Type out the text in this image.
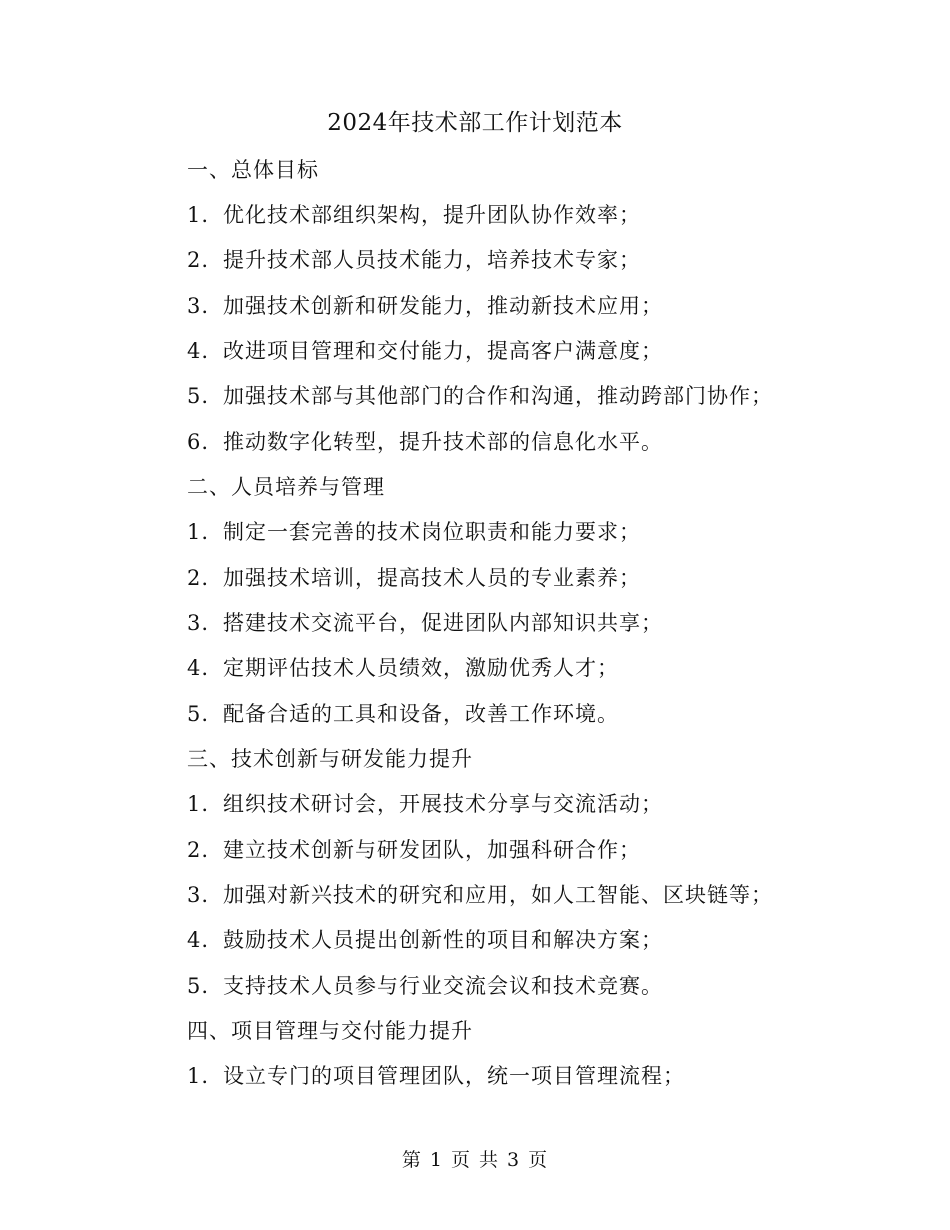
2024年技术部工作计划范本
一、总体目标
1. 优化技术部组织架构，提升团队协作效率；
2. 提升技术部人员技术能力，培养技术专家；
3. 加强技术创新和研发能力，推动新技术应用；
4. 改进项目管理和交付能力，提高客户满意度；
5. 加强技术部与其他部门的合作和沟通，推动跨部门协作；
6. 推动数字化转型，提升技术部的信息化水平。
二、人员培养与管理
1. 制定一套完善的技术岗位职责和能力要求；
2. 加强技术培训，提高技术人员的专业素养；
3. 搭建技术交流平台，促进团队内部知识共享；
4. 定期评估技术人员绩效，激励优秀人才；
5. 配备合适的工具和设备，改善工作环境。
三、技术创新与研发能力提升
1. 组织技术研讨会，开展技术分享与交流活动；
2. 建立技术创新与研发团队，加强科研合作；
3. 加强对新兴技术的研究和应用，如人工智能、区块链等；
4. 鼓励技术人员提出创新性的项目和解决方案；
5. 支持技术人员参与行业交流会议和技术竞赛。
四、项目管理与交付能力提升
1. 设立专门的项目管理团队，统一项目管理流程；
第 1 页 共 3 页
